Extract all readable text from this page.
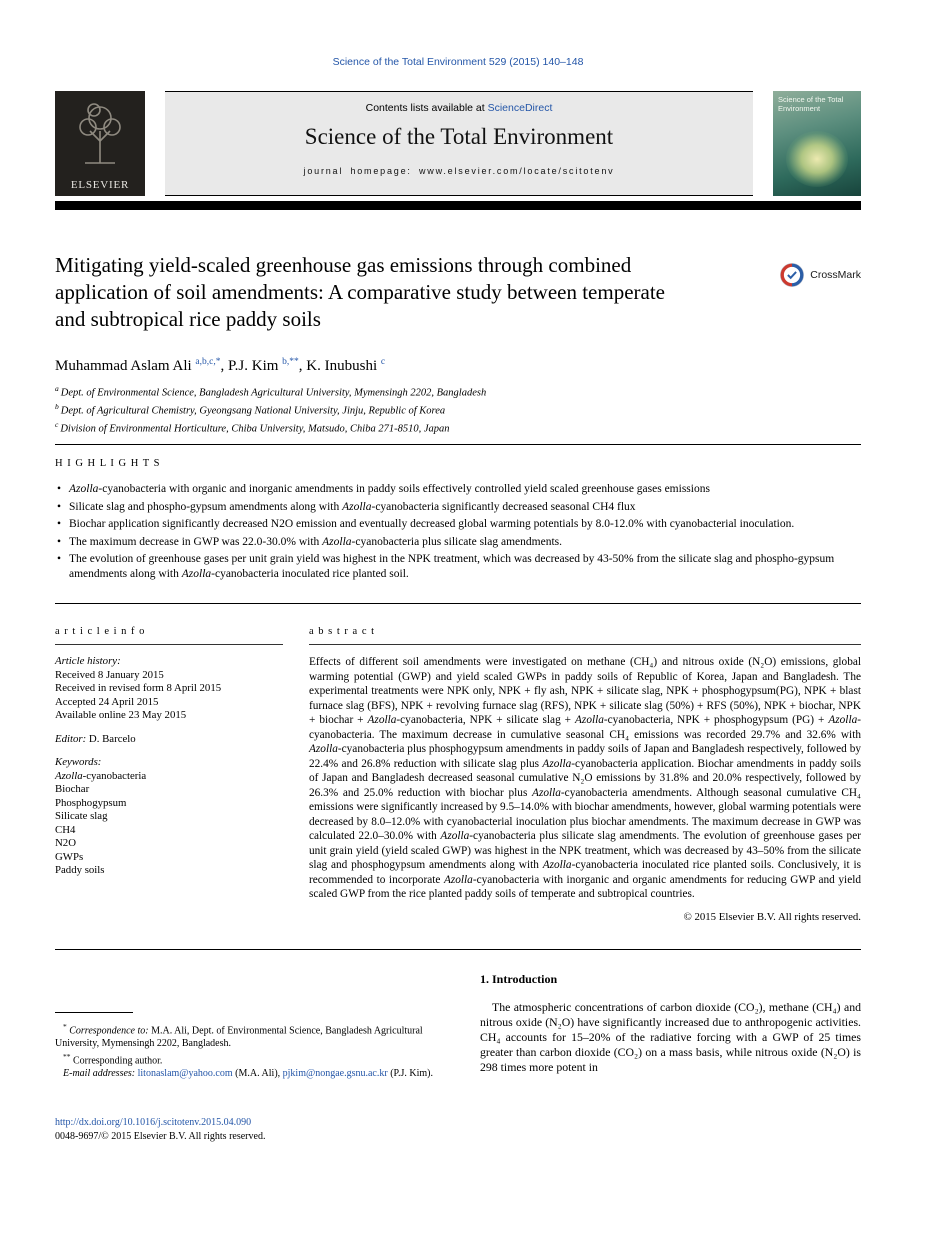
Science of the Total Environment 529 (2015) 140–148
ELSEVIER
Contents lists available at ScienceDirect
Science of the Total Environment
journal homepage: www.elsevier.com/locate/scitotenv
Science of the Total Environment
Mitigating yield-scaled greenhouse gas emissions through combined application of soil amendments: A comparative study between temperate and subtropical rice paddy soils
CrossMark
Muhammad Aslam Ali $^{a,b,c,*}$, P.J. Kim $^{b,**}$, K. Inubushi $^c$
$^a$ Dept. of Environmental Science, Bangladesh Agricultural University, Mymensingh 2202, Bangladesh
$^b$ Dept. of Agricultural Chemistry, Gyeongsang National University, Jinju, Republic of Korea
$^c$ Division of Environmental Horticulture, Chiba University, Matsudo, Chiba 271-8510, Japan
H I G H L I G H T S
• Azolla-cyanobacteria with organic and inorganic amendments in paddy soils effectively controlled yield scaled greenhouse gases emissions
• Silicate slag and phospho-gypsum amendments along with Azolla-cyanobacteria significantly decreased seasonal CH4 flux
• Biochar application significantly decreased N2O emission and eventually decreased global warming potentials by 8.0-12.0% with cyanobacterial inoculation.
• The maximum decrease in GWP was 22.0-30.0% with Azolla-cyanobacteria plus silicate slag amendments.
• The evolution of greenhouse gases per unit grain yield was highest in the NPK treatment, which was decreased by 43-50% from the silicate slag and phospho-gypsum amendments along with Azolla-cyanobacteria inoculated rice planted soil.
a r t i c l e i n f o
Article history:
Received 8 January 2015
Received in revised form 8 April 2015
Accepted 24 April 2015
Available online 23 May 2015
Editor: D. Barcelo
Keywords:
Azolla-cyanobacteria
Biochar
Phosphogypsum
Silicate slag
CH4
N2O
GWPs
Paddy soils
a b s t r a c t

Effects of different soil amendments were investigated on methane (CH₄) and nitrous oxide (N₂O) emissions, global warming potential (GWP) and yield scaled GWPs in paddy soils of Republic of Korea, Japan and Bangladesh. The experimental treatments were NPK only, NPK + fly ash, NPK + silicate slag, NPK + phosphogypsum(PG), NPK + blast furnace slag (BFS), NPK + revolving furnace slag (RFS), NPK + silicate slag (50%) + RFS (50%), NPK + biochar, NPK + biochar + Azolla-cyanobacteria, NPK + silicate slag + Azolla-cyanobacteria, NPK + phosphogypsum (PG) + Azolla-cyanobacteria. The maximum decrease in cumulative seasonal CH₄ emissions was recorded 29.7% and 32.6% with Azolla-cyanobacteria plus phosphogypsum amendments in paddy soils of Japan and Bangladesh respectively, followed by 22.4% and 26.8% reduction with silicate slag plus Azolla-cyanobacteria application. Biochar amendments in paddy soils of Japan and Bangladesh decreased seasonal cumulative N₂O emissions by 31.8% and 20.0% respectively, followed by 26.3% and 25.0% reduction with biochar plus Azolla-cyanobacteria amendments. Although seasonal cumulative CH₄ emissions were significantly increased by 9.5–14.0% with biochar amendments, however, global warming potentials were decreased by 8.0–12.0% with cyanobacterial inoculation plus biochar amendments. The maximum decrease in GWP was calculated 22.0–30.0% with Azolla-cyanobacteria plus silicate slag amendments. The evolution of greenhouse gases per unit grain yield (yield scaled GWP) was highest in the NPK treatment, which was decreased by 43–50% from the silicate slag and phosphogypsum amendments along with Azolla-cyanobacteria inoculated rice planted soils. Conclusively, it is recommended to incorporate Azolla-cyanobacteria with inorganic and organic amendments for reducing GWP and yield scaled GWP from the rice planted paddy soils of temperate and subtropical countries.

© 2015 Elsevier B.V. All rights reserved.
* Correspondence to: M.A. Ali, Dept. of Environmental Science, Bangladesh Agricultural University, Mymensingh 2202, Bangladesh.
** Corresponding author.
E-mail addresses: litonaslam@yahoo.com (M.A. Ali), pjkim@nongae.gsnu.ac.kr (P.J. Kim).
1. Introduction

The atmospheric concentrations of carbon dioxide (CO₂), methane (CH₄) and nitrous oxide (N₂O) have significantly increased due to anthropogenic activities. CH₄ accounts for 15–20% of the radiative forcing with a GWP of 25 times greater than carbon dioxide (CO₂) on a mass basis, while nitrous oxide (N₂O) is 298 times more potent in

http://dx.doi.org/10.1016/j.scitotenv.2015.04.090
0048-9697/© 2015 Elsevier B.V. All rights reserved.
